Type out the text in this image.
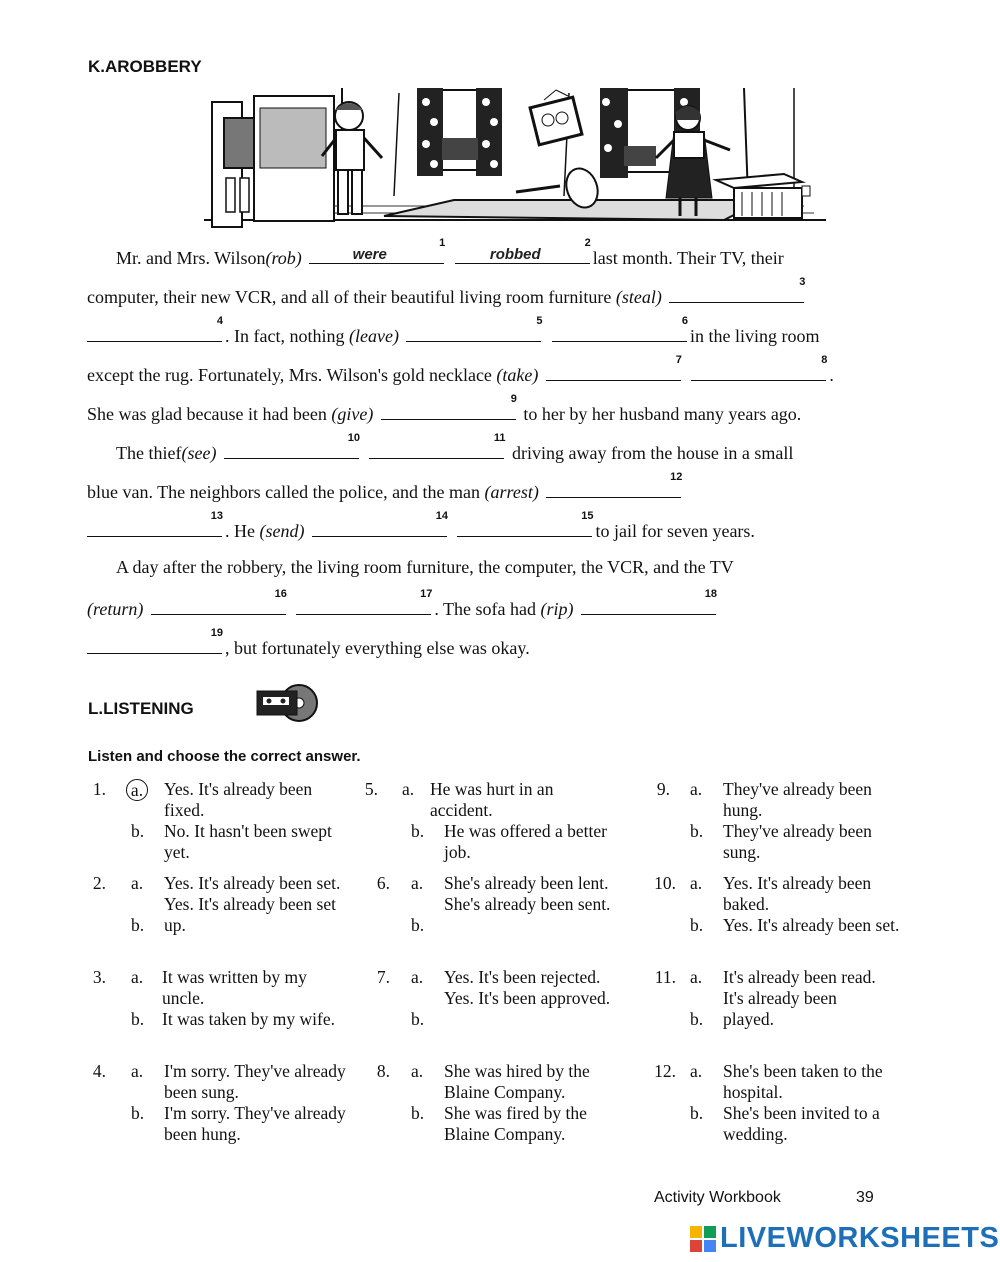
K.AROBBERY
Mr. and Mrs. Wilson(rob)
were
1

robbed	2
last month. Their TV, their
computer, their new VCR, and all of their beautiful living room furniture (steal)
3
4
. In fact, nothing (leave)
5
	6
in the living room
except the rug. Fortunately, Mrs. Wilson's gold necklace (take)
7
	8
.
She was glad because it had been (give)
9
to her by her husband many years ago.
The thief(see)
10
	11
driving away from the house in a small
blue van. The neighbors called the police, and the man (arrest)
12
13
. He (send)
14
	15
to jail for seven years.
A day after the robbery, the living room furniture, the computer, the VCR, and the TV
(return)
16
	17
. The sofa had (rip)
18
19
, but fortunately everything else was okay.
L.LISTENING
Listen and choose the correct answer.
1. a. Yes. It's already been fixed.
b. No. It hasn't been swept yet.
2. a. Yes. It's already been set.
b.
Yes. It's already been set up.
3. a. It was written by my uncle.
b. It was taken by my wife.
4. a. I'm sorry. They've already been sung.
b. I'm sorry. They've already been hung.
5. a. He was hurt in an accident.
b. He was offered a better job.
6. a. She's already been lent.
b.
She's already been sent.
7. a. Yes. It's been rejected.
b.
Yes. It's been approved.
8. a. She was hired by the Blaine Company.
b. She was fired by the Blaine Company.
9. a. They've already been hung.
b. They've already been sung.
10. a. Yes. It's already been baked.
b. Yes. It's already been set.
11. a. It's already been read.
b.
It's already been played.
12. a. She's been taken to the hospital.
b. She's been invited to a wedding.
Activity Workbook	39
LIVEWORKSHEETS
